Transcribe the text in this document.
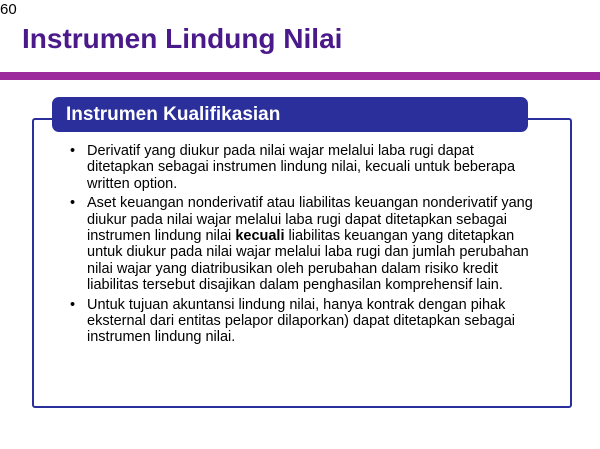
60
Instrumen Lindung Nilai
Instrumen Kualifikasian
• Derivatif yang diukur pada nilai wajar melalui laba rugi dapat ditetapkan sebagai instrumen lindung nilai, kecuali untuk beberapa written option.
• Aset keuangan nonderivatif atau liabilitas keuangan nonderivatif yang diukur pada nilai wajar melalui laba rugi dapat ditetapkan sebagai instrumen lindung nilai kecuali liabilitas keuangan yang ditetapkan untuk diukur pada nilai wajar melalui laba rugi dan jumlah perubahan nilai wajar yang diatribusikan oleh perubahan dalam risiko kredit liabilitas tersebut disajikan dalam penghasilan komprehensif lain.
• Untuk tujuan akuntansi lindung nilai, hanya kontrak dengan pihak eksternal dari entitas pelapor dilaporkan) dapat ditetapkan sebagai instrumen lindung nilai.
